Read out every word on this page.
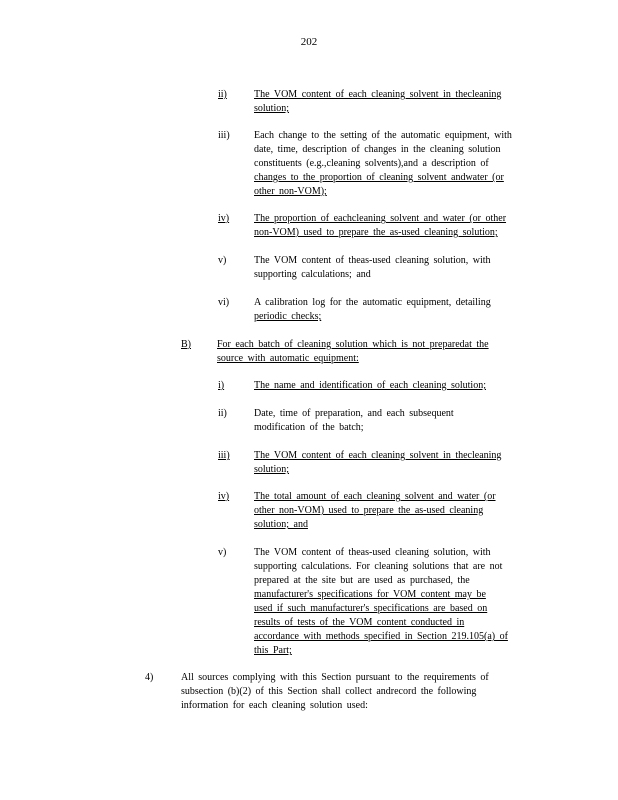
202
ii)	The VOM content of each cleaning solvent in thecleaning
solution;
iii) Each change to the setting of the automatic equipment, with
date, time, description of changes in the cleaning solution
constituents (e.g.,cleaning solvents),and a description of
changes to the proportion of cleaning solvent andwater (or
other non-VOM);
iv) The proportion of eachcleaning solvent and water (or other
non-VOM) used to prepare the as-used cleaning solution;
v)	The VOM content of theas-used cleaning solution, with
supporting calculations; and
vi) A calibration log for the automatic equipment, detailing
periodic checks;
B)	For each batch of cleaning solution which is not preparedat the
source with automatic equipment:
i)	The name and identification of each cleaning solution;
ii)	Date, time of preparation, and each subsequent
modification of the batch;
iii) The VOM content of each cleaning solvent in thecleaning
solution;
iv) The total amount of each cleaning solvent and water (or
other non-VOM) used to prepare the as-used cleaning
solution; and
v)	The VOM content of theas-used cleaning solution, with
supporting calculations. For cleaning solutions that are not
prepared at the site but are used as purchased, the
manufacturer's specifications for VOM content may be
used if such manufacturer's specifications are based on
results of tests of the VOM content conducted in
accordance with methods specified in Section 219.105(a) of
this Part;
4)	All sources complying with this Section pursuant to the requirements of
subsection (b)(2) of this Section shall collect andrecord the following
information for each cleaning solution used:
